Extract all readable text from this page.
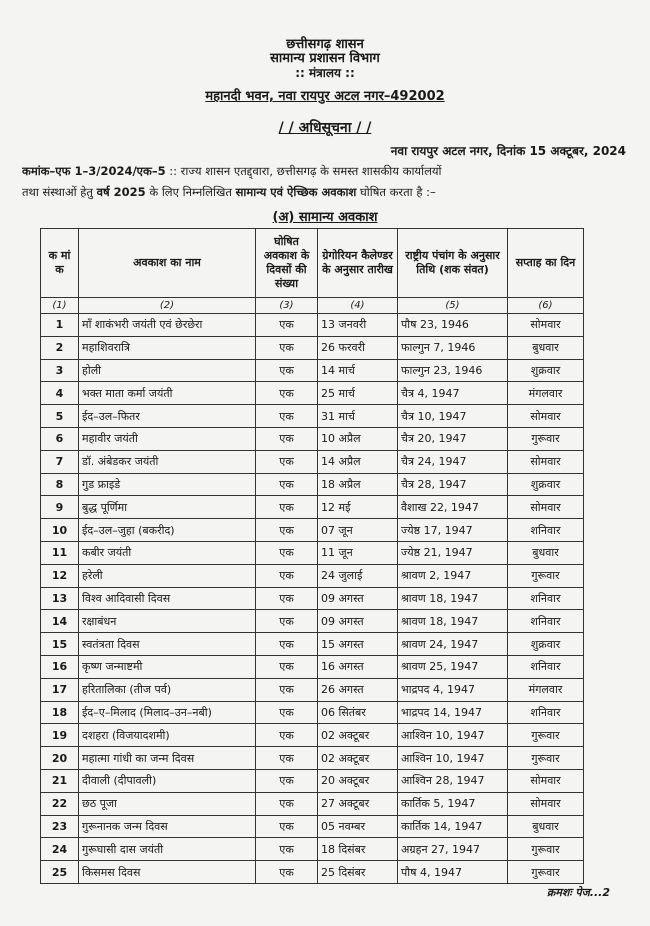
छत्तीसगढ़ शासन
सामान्य प्रशासन विभाग
:: मंत्रालय ::
महानदी भवन, नवा रायपुर अटल नगर–492002
/ / अधिसूचना / /
नवा रायपुर अटल नगर, दिनांक 15 अक्टूबर, 2024
कमांक–एफ 1–3/2024/एक–5 :: राज्य शासन एतद्द्वारा, छत्तीसगढ़ के समस्त शासकीय कार्यालयों
तथा संस्थाओं हेतु वर्ष 2025 के लिए निम्नलिखित सामान्य एवं ऐच्छिक अवकाश घोषित करता है :–
(अ) सामान्य अवकाश
क मां क	अवकाश का नाम	घोषित अवकाश के दिवसों की संख्या	ग्रेगोरियन कैलेण्डर के अनुसार तारीख	राष्ट्रीय पंचांग के अनुसार तिथि (शक संवत)	सप्ताह का दिन
(1)	(2)	(3)	(4)	(5)	(6)
1	माँ शाकंभरी जयंती एवं छेरछेरा	एक	13 जनवरी	पौष 23, 1946	सोमवार
2	महाशिवरात्रि	एक	26 फरवरी	फाल्गुन 7, 1946	बुधवार
3	होली	एक	14 मार्च	फाल्गुन 23, 1946	शुक्रवार
4	भक्त माता कर्मा जयंती	एक	25 मार्च	चैत्र 4, 1947	मंगलवार
5	ईद–उल–फितर	एक	31 मार्च	चैत्र 10, 1947	सोमवार
6	महावीर जयंती	एक	10 अप्रैल	चैत्र 20, 1947	गुरूवार
7	डॉ. अंबेडकर जयंती	एक	14 अप्रैल	चैत्र 24, 1947	सोमवार
8	गुड फ्राइडे	एक	18 अप्रैल	चैत्र 28, 1947	शुक्रवार
9	बुद्ध पूर्णिमा	एक	12 मई	वैशाख 22, 1947	सोमवार
10	ईद–उल–जुहा (बकरीद)	एक	07 जून	ज्येष्ठ 17, 1947	शनिवार
11	कबीर जयंती	एक	11 जून	ज्येष्ठ 21, 1947	बुधवार
12	हरेली	एक	24 जुलाई	श्रावण 2, 1947	गुरूवार
13	विश्व आदिवासी दिवस	एक	09 अगस्त	श्रावण 18, 1947	शनिवार
14	रक्षाबंधन	एक	09 अगस्त	श्रावण 18, 1947	शनिवार
15	स्वतंत्रता दिवस	एक	15 अगस्त	श्रावण 24, 1947	शुक्रवार
16	कृष्ण जन्माष्टमी	एक	16 अगस्त	श्रावण 25, 1947	शनिवार
17	हरितालिका (तीज पर्व)	एक	26 अगस्त	भाद्रपद 4, 1947	मंगलवार
18	ईद–ए–मिलाद (मिलाद–उन–नबी)	एक	06 सितंबर	भाद्रपद 14, 1947	शनिवार
19	दशहरा (विजयादशमी)	एक	02 अक्टूबर	आश्विन 10, 1947	गुरूवार
20	महात्मा गांधी का जन्म दिवस	एक	02 अक्टूबर	आश्विन 10, 1947	गुरूवार
21	दीवाली (दीपावली)	एक	20 अक्टूबर	आश्विन 28, 1947	सोमवार
22	छठ पूजा	एक	27 अक्टूबर	कार्तिक 5, 1947	सोमवार
23	गुरूनानक जन्म दिवस	एक	05 नवम्बर	कार्तिक 14, 1947	बुधवार
24	गुरूघासी दास जयंती	एक	18 दिसंबर	अग्रहन 27, 1947	गुरूवार
25	किसमस दिवस	एक	25 दिसंबर	पौष 4, 1947	गुरूवार
क्रमशः पेज...2
